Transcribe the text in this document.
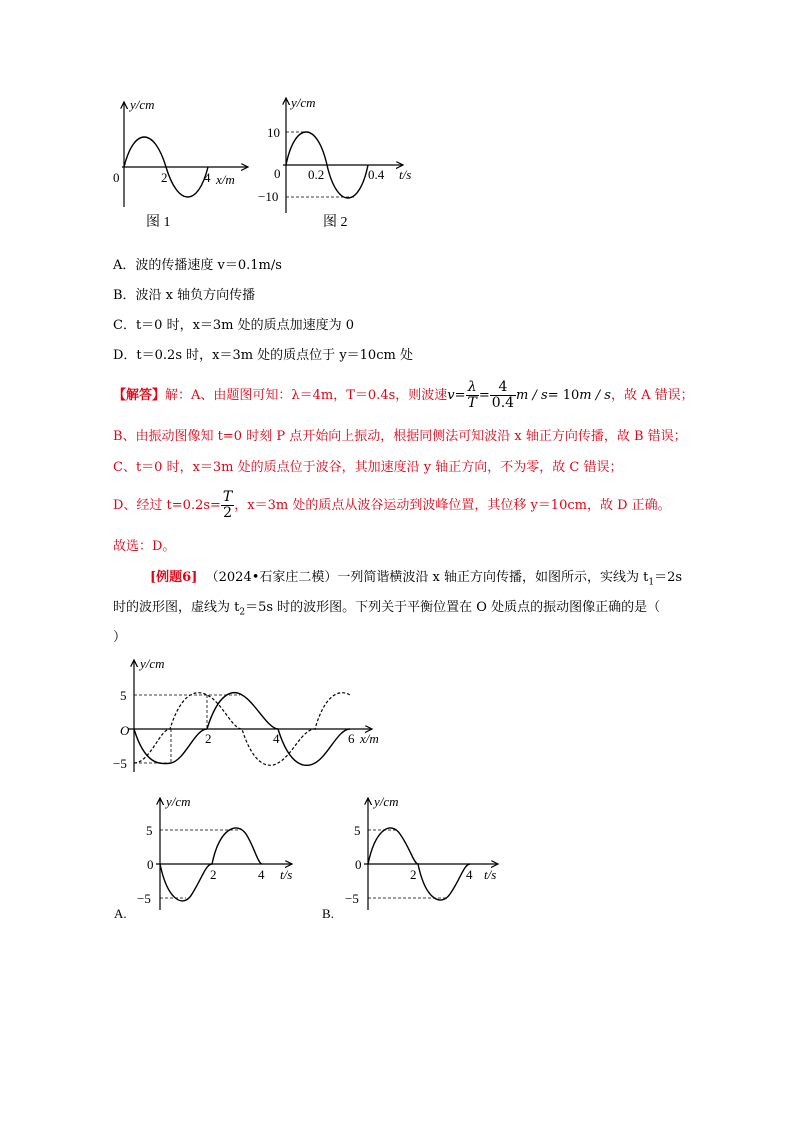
y/cm
0	2	4 x/m
图 1
y/cm
10
0
−10
0.2	0.4 t/s
图 2
A．波的传播速度 v＝0.1m/s
B．波沿 x 轴负方向传播
C．t＝0 时，x＝3m 处的质点加速度为 0
D．t＝0.2s 时，x＝3m 处的质点位于 y＝10cm 处
【解答】解：A、由题图可知：λ＝4m，T＝0.4s，则波速$v= \frac{\lambda}{T} = \frac{4}{0.4}$ m / s= 10m / s，故 A 错误；
B、由振动图像知 t=0 时刻 P 点开始向上振动，根据同侧法可知波沿 x 轴正方向传播，故 B 错误；
C、t＝0 时，x＝3m 处的质点位于波谷，其加速度沿 y 轴正方向，不为零，故 C 错误；
D、经过 $t=0.2s= \frac{T}{2}$ ，x＝3m 处的质点从波谷运动到波峰位置，其位移 y＝10cm，故 D 正确。
故选：D。
[例题6] （2024•石家庄二模）一列简谐横波沿 x 轴正方向传播，如图所示，实线为 $t_1=2s$
时的波形图，虚线为 $t_2=5s$ 时的波形图。下列关于平衡位置在 O 处质点的振动图像正确的是（
）
y/cm
5
O
−5
2	4	6 x/m
y/cm
5
0
−5
2	4 t/s
A.
y/cm
5
0
−5
2	4 t/s
B.
